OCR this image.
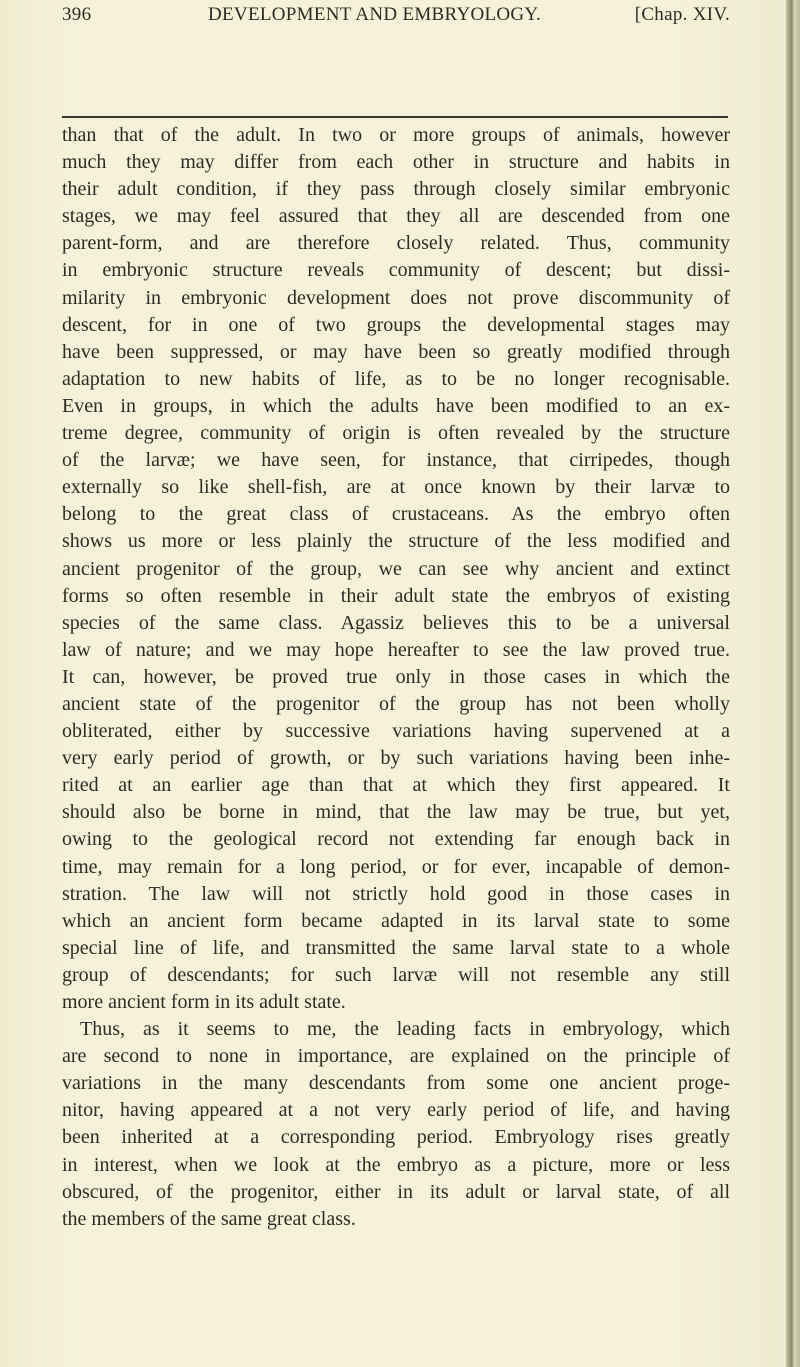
396	DEVELOPMENT AND EMBRYOLOGY.	[Chap. XIV.
than that of the adult. In two or more groups of animals, however
much they may differ from each other in structure and habits in
their adult condition, if they pass through closely similar embryonic
stages, we may feel assured that they all are descended from one
parent-form, and are therefore closely related. Thus, community
in embryonic structure reveals community of descent; but dissi-
milarity in embryonic development does not prove discommunity of
descent, for in one of two groups the developmental stages may
have been suppressed, or may have been so greatly modified through
adaptation to new habits of life, as to be no longer recognisable.
Even in groups, in which the adults have been modified to an ex-
treme degree, community of origin is often revealed by the structure
of the larvæ; we have seen, for instance, that cirripedes, though
externally so like shell-fish, are at once known by their larvæ to
belong to the great class of crustaceans. As the embryo often
shows us more or less plainly the structure of the less modified and
ancient progenitor of the group, we can see why ancient and extinct
forms so often resemble in their adult state the embryos of existing
species of the same class. Agassiz believes this to be a universal
law of nature; and we may hope hereafter to see the law proved true.
It can, however, be proved true only in those cases in which the
ancient state of the progenitor of the group has not been wholly
obliterated, either by successive variations having supervened at a
very early period of growth, or by such variations having been inhe-
rited at an earlier age than that at which they first appeared. It
should also be borne in mind, that the law may be true, but yet,
owing to the geological record not extending far enough back in
time, may remain for a long period, or for ever, incapable of demon-
stration. The law will not strictly hold good in those cases in
which an ancient form became adapted in its larval state to some
special line of life, and transmitted the same larval state to a whole
group of descendants; for such larvæ will not resemble any still
more ancient form in its adult state.
Thus, as it seems to me, the leading facts in embryology, which
are second to none in importance, are explained on the principle of
variations in the many descendants from some one ancient proge-
nitor, having appeared at a not very early period of life, and having
been inherited at a corresponding period. Embryology rises greatly
in interest, when we look at the embryo as a picture, more or less
obscured, of the progenitor, either in its adult or larval state, of all
the members of the same great class.
